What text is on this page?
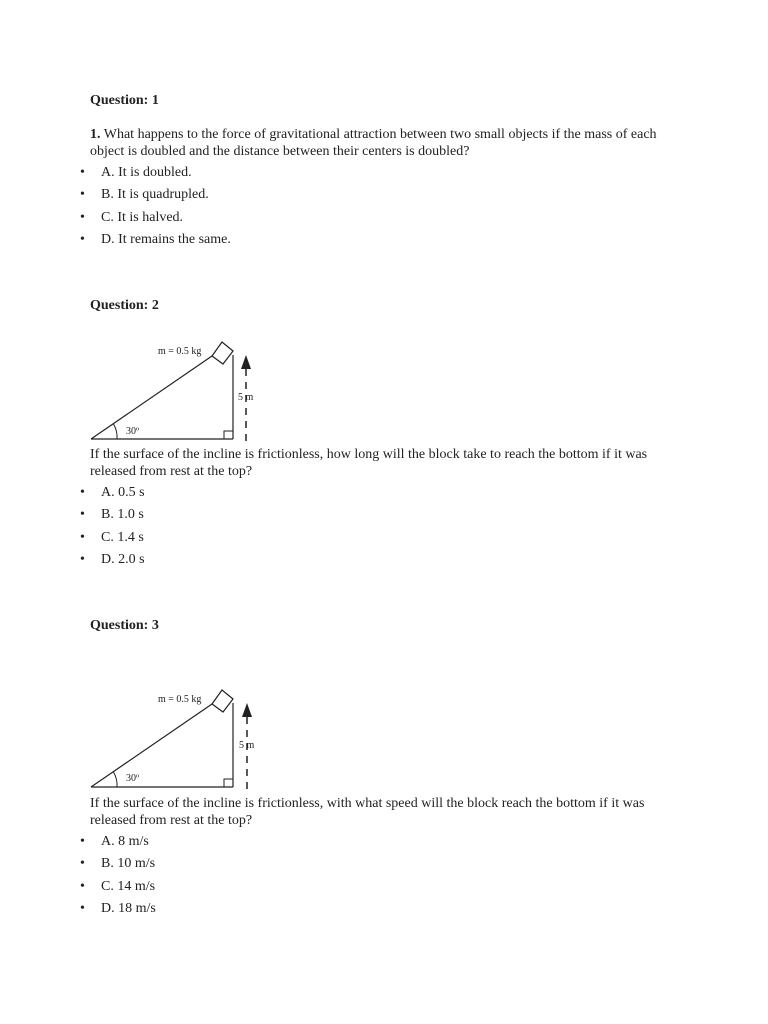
Question: 1

1. What happens to the force of gravitational attraction between two small objects if the mass of each object is doubled and the distance between their centers is doubled?

• A. It is doubled.
• B. It is quadrupled.
• C. It is halved.
• D. It remains the same.

Question: 2

m = 0.5 kg
5 m
30º

If the surface of the incline is frictionless, how long will the block take to reach the bottom if it was released from rest at the top?

• A. 0.5 s
• B. 1.0 s
• C. 1.4 s
• D. 2.0 s

Question: 3

m = 0.5 kg
5 m
30º

If the surface of the incline is frictionless, with what speed will the block reach the bottom if it was released from rest at the top?

• A. 8 m/s
• B. 10 m/s
• C. 14 m/s
• D. 18 m/s
